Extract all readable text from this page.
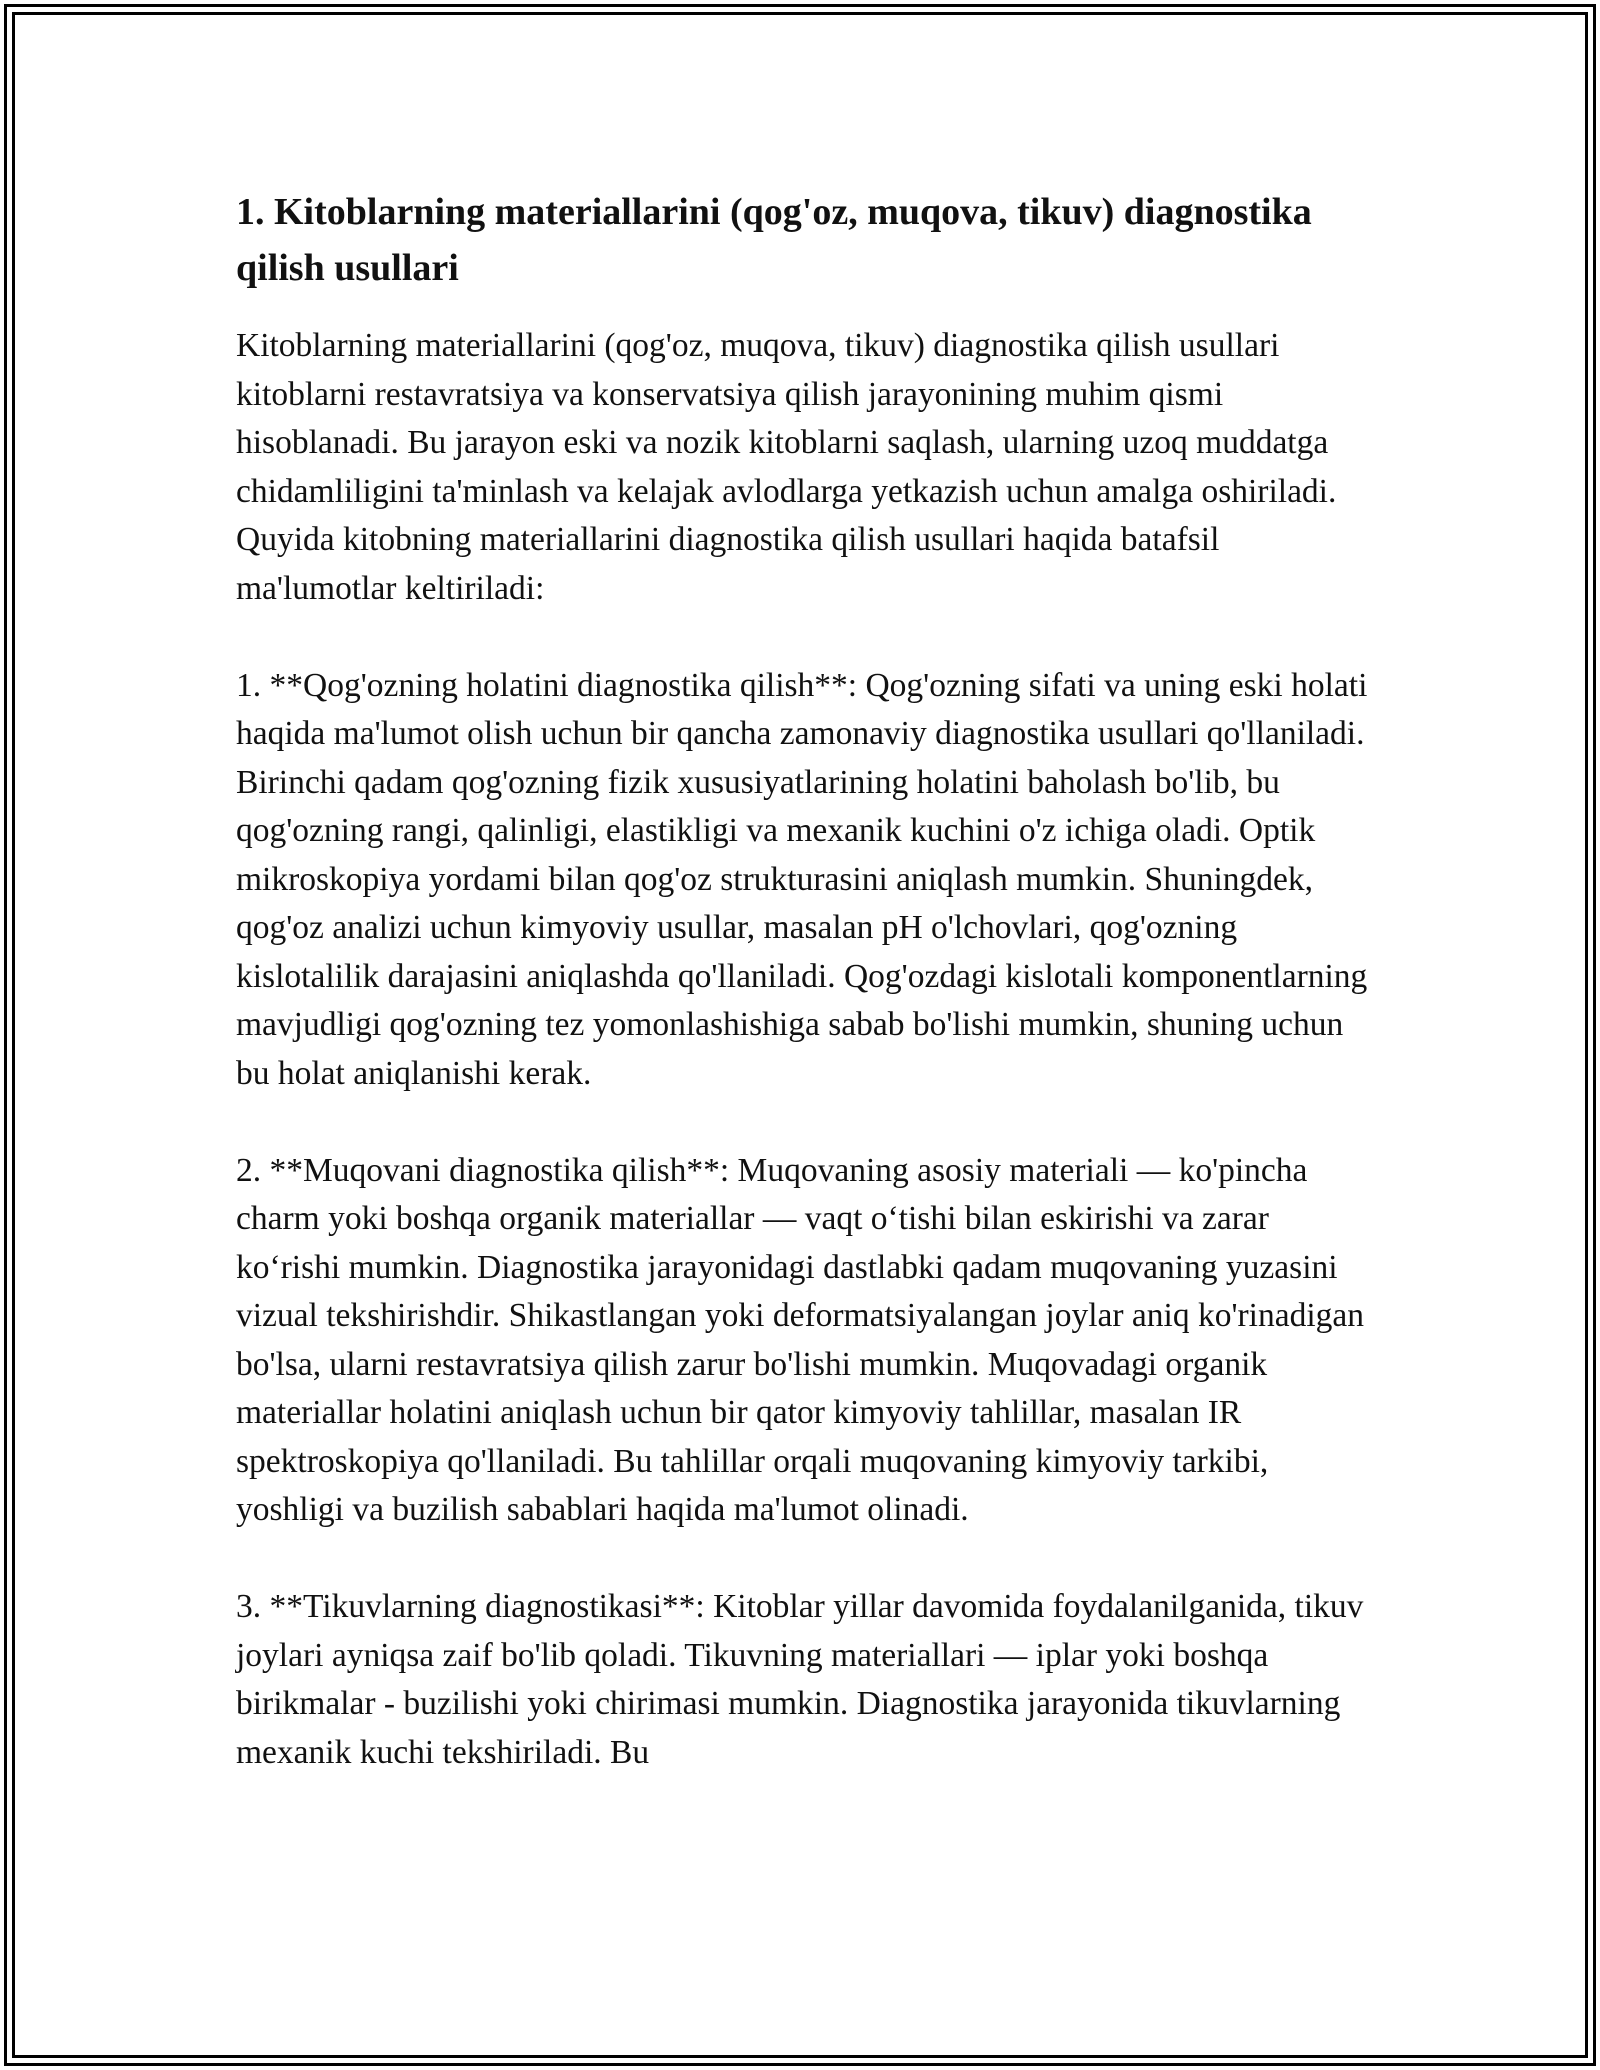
1. Kitoblarning materiallarini (qog'oz, muqova, tikuv) diagnostika qilish usullari

Kitoblarning materiallarini (qog'oz, muqova, tikuv) diagnostika qilish usullari kitoblarni restavratsiya va konservatsiya qilish jarayonining muhim qismi hisoblanadi. Bu jarayon eski va nozik kitoblarni saqlash, ularning uzoq muddatga chidamliligini ta'minlash va kelajak avlodlarga yetkazish uchun amalga oshiriladi. Quyida kitobning materiallarini diagnostika qilish usullari haqida batafsil ma'lumotlar keltiriladi:

1. **Qog'ozning holatini diagnostika qilish**: Qog'ozning sifati va uning eski holati haqida ma'lumot olish uchun bir qancha zamonaviy diagnostika usullari qo'llaniladi. Birinchi qadam qog'ozning fizik xususiyatlarining holatini baholash bo'lib, bu qog'ozning rangi, qalinligi, elastikligi va mexanik kuchini o'z ichiga oladi. Optik mikroskopiya yordami bilan qog'oz strukturasini aniqlash mumkin. Shuningdek, qog'oz analizi uchun kimyoviy usullar, masalan pH o'lchovlari, qog'ozning kislotalilik darajasini aniqlashda qo'llaniladi. Qog'ozdagi kislotali komponentlarning mavjudligi qog'ozning tez yomonlashishiga sabab bo'lishi mumkin, shuning uchun bu holat aniqlanishi kerak.

2. **Muqovani diagnostika qilish**: Muqovaning asosiy materiali — ko'pincha charm yoki boshqa organik materiallar — vaqt o‘tishi bilan eskirishi va zarar ko‘rishi mumkin. Diagnostika jarayonidagi dastlabki qadam muqovaning yuzasini vizual tekshirishdir. Shikastlangan yoki deformatsiyalangan joylar aniq ko'rinadigan bo'lsa, ularni restavratsiya qilish zarur bo'lishi mumkin. Muqovadagi organik materiallar holatini aniqlash uchun bir qator kimyoviy tahlillar, masalan IR spektroskopiya qo'llaniladi. Bu tahlillar orqali muqovaning kimyoviy tarkibi, yoshligi va buzilish sabablari haqida ma'lumot olinadi.

3. **Tikuvlarning diagnostikasi**: Kitoblar yillar davomida foydalanilganida, tikuv joylari ayniqsa zaif bo'lib qoladi. Tikuvning materiallari — iplar yoki boshqa birikmalar - buzilishi yoki chirimasi mumkin. Diagnostika jarayonida tikuvlarning mexanik kuchi tekshiriladi. Bu
